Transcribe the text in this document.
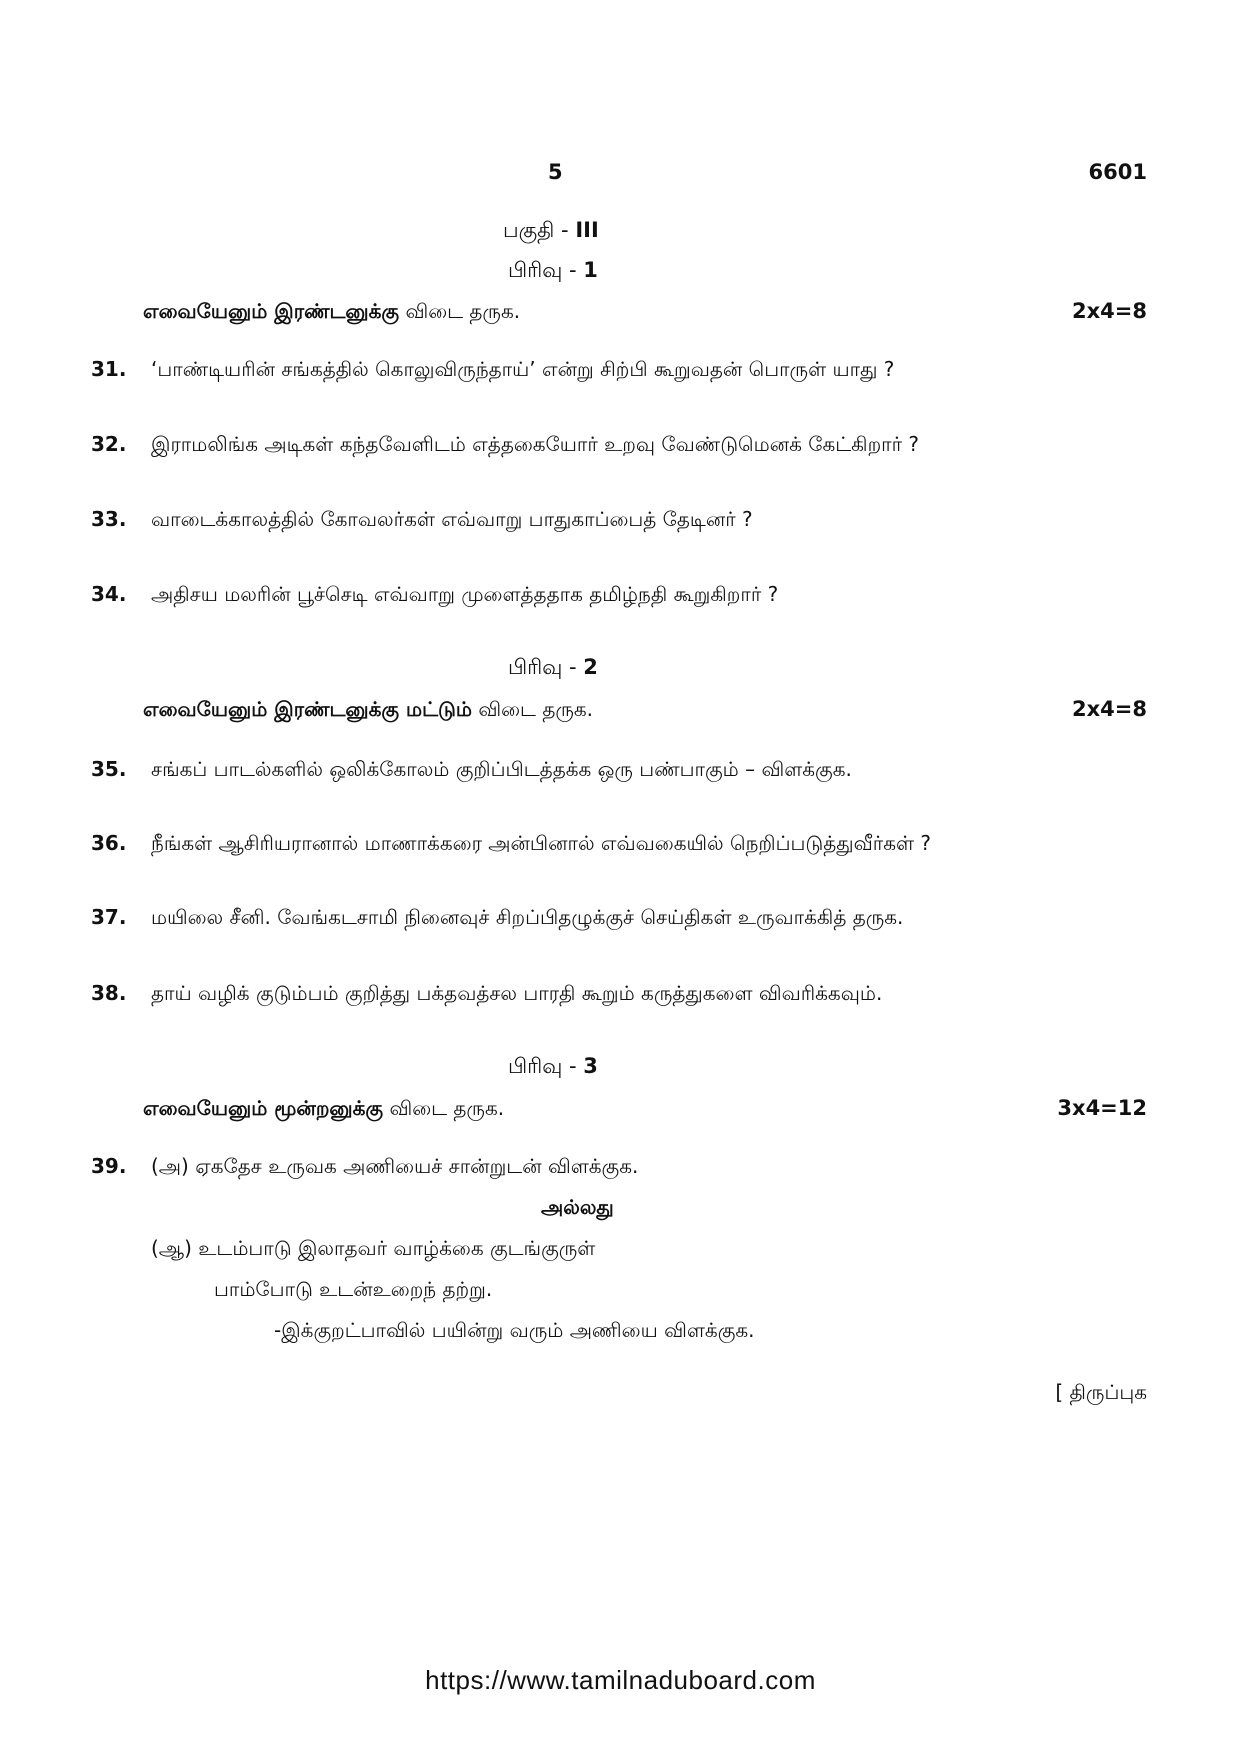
5	6601
பகுதி - III
பிரிவு - 1
எவையேனும் இரண்டனுக்கு விடை தருக.	2x4=8
31. ‘பாண்டியரின் சங்கத்தில் கொலுவிருந்தாய்’ என்று சிற்பி கூறுவதன் பொருள் யாது ?
32. இராமலிங்க அடிகள் கந்தவேளிடம் எத்தகையோர் உறவு வேண்டுமெனக் கேட்கிறார் ?
33. வாடைக்காலத்தில் கோவலர்கள் எவ்வாறு பாதுகாப்பைத் தேடினர் ?
34. அதிசய மலரின் பூச்செடி எவ்வாறு முளைத்ததாக தமிழ்நதி கூறுகிறார் ?
பிரிவு - 2
எவையேனும் இரண்டனுக்கு மட்டும் விடை தருக.	2x4=8
35. சங்கப் பாடல்களில் ஒலிக்கோலம் குறிப்பிடத்தக்க ஒரு பண்பாகும் – விளக்குக.
36. நீங்கள் ஆசிரியரானால் மாணாக்கரை அன்பினால் எவ்வகையில் நெறிப்படுத்துவீர்கள் ?
37. மயிலை சீனி. வேங்கடசாமி நினைவுச் சிறப்பிதழுக்குச் செய்திகள் உருவாக்கித் தருக.
38. தாய் வழிக் குடும்பம் குறித்து பக்தவத்சல பாரதி கூறும் கருத்துகளை விவரிக்கவும்.
பிரிவு - 3
எவையேனும் மூன்றனுக்கு விடை தருக.	3x4=12
39. (அ) ஏகதேச உருவக அணியைச் சான்றுடன் விளக்குக.
அல்லது
(ஆ) உடம்பாடு இலாதவர் வாழ்க்கை குடங்குருள்
பாம்போடு உடன்உறைந் தற்று.
-இக்குறட்பாவில் பயின்று வரும் அணியை விளக்குக.
[ திருப்புக
https://www.tamilnaduboard.com
